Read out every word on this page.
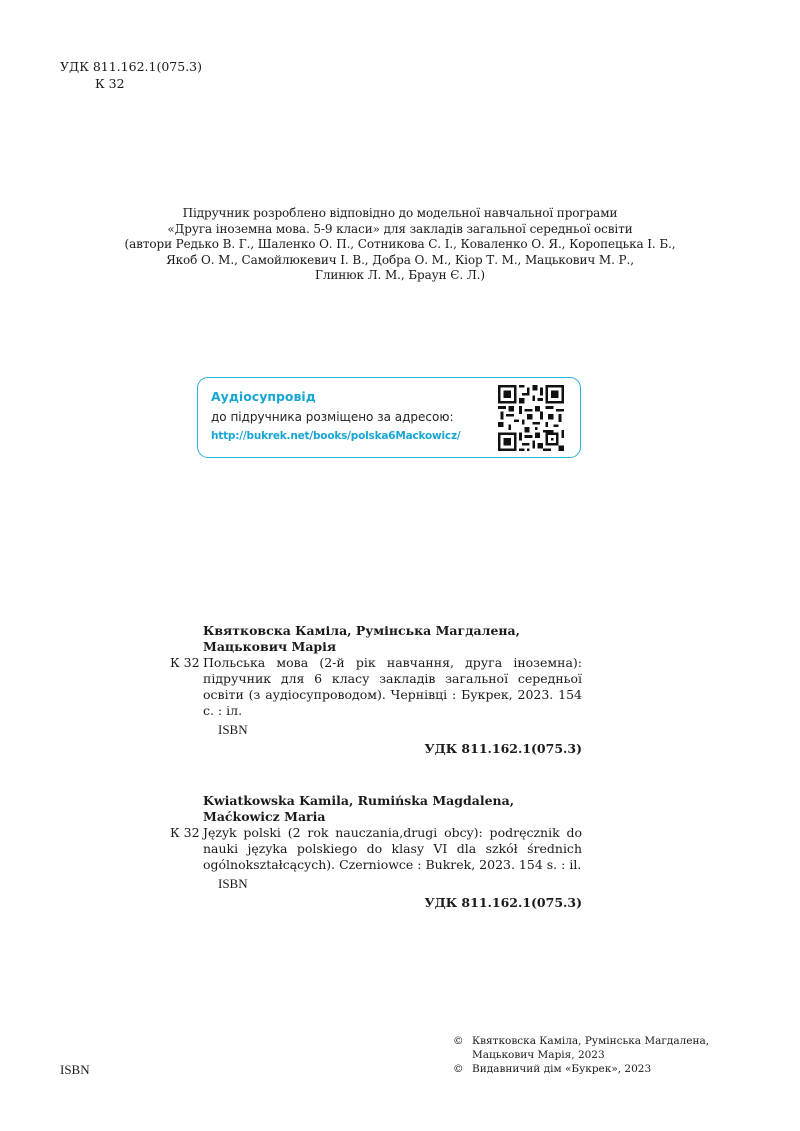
УДК 811.162.1(075.3)
К 32
Підручник розроблено відповідно до модельної навчальної програми
«Друга іноземна мова. 5-9 класи» для закладів загальної середньої освіти
(автори Редько В. Г., Шаленко О. П., Сотникова С. І., Коваленко О. Я., Коропецька І. Б.,
Якоб О. М., Самойлюкевич І. В., Добра О. М., Кіор Т. М., Мацькович М. Р.,
Глинюк Л. М., Браун Є. Л.)
Аудіосупровід
до підручника розміщено за адресою:
http://bukrek.net/books/polska6Mackowicz/
Квятковска Каміла, Румінська Магдалена,
Мацькович Марія
К 32 Польська мова (2-й рік навчання, друга іноземна): підручник для 6 класу закладів загальної середньої освіти (з аудіосупроводом). Чернівці : Букрек, 2023. 154 с. : іл.
ISBN
УДК 811.162.1(075.3)
Kwiatkowska Kamila, Rumińska Magdalena,
Maćkowicz Maria
К 32 Język polski (2 rok nauczania,drugi obcy): podręcznik do nauki języka polskiego do klasy VI dla szkół średnich ogólnokształcących). Czerniowce : Bukrek, 2023. 154 s. : il.
ISBN
УДК 811.162.1(075.3)
© Квятковска Каміла, Румінська Магдалена,
Мацькович Марія, 2023
© Видавничий дім «Букрек», 2023
ISBN
